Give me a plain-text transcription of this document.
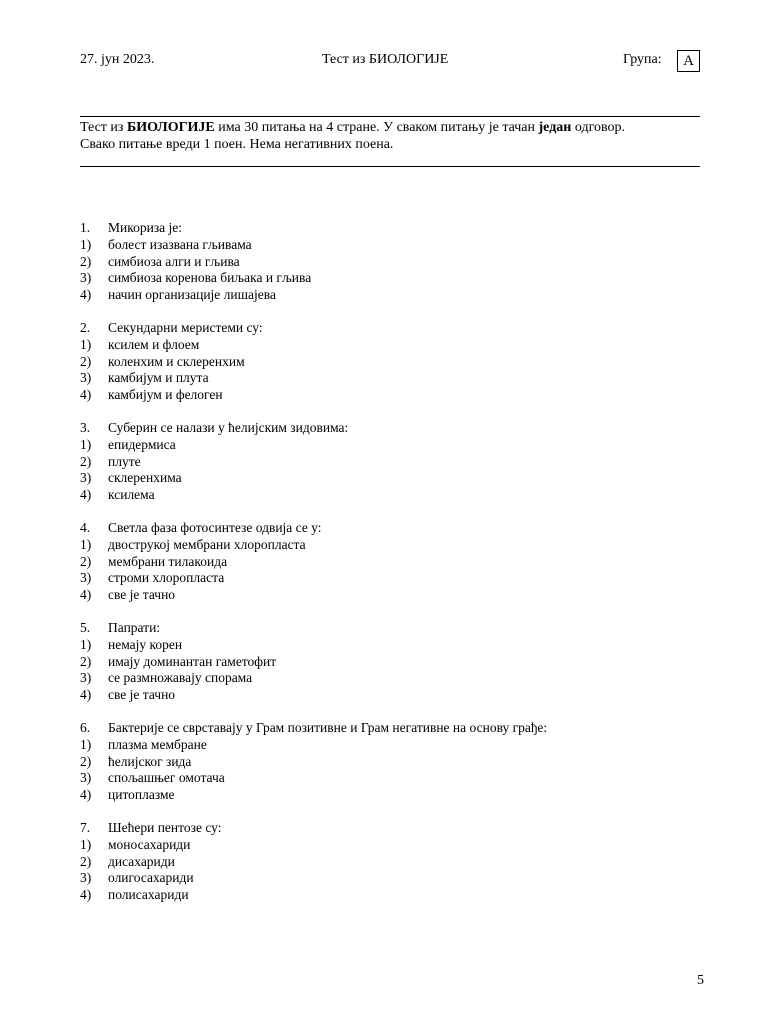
27. јун 2023.	Тест из БИОЛОГИЈЕ	Група:	А
Тест из БИОЛОГИЈЕ има 30 питања на 4 стране. У сваком питању је тачан један одговор.
Свако питање вреди 1 поен. Нема негативних поена.
1.	Микориза је:
1)	болест изазвана гљивама
2)	симбиоза алги и гљива
3)	симбиоза коренова биљака и гљива
4)	начин организације лишајева
2.	Секундарни меристеми су:
1)	ксилем и флоем
2)	коленхим и склеренхим
3)	камбијум и плута
4)	камбијум и фелоген
3.	Суберин се налази у ћелијским зидовима:
1)	епидермиса
2)	плуте
3)	склеренхима
4)	ксилема
4.	Светла фаза фотосинтезе одвија се у:
1)	двострукој мембрани хлоропласта
2)	мембрани тилакоида
3)	строми хлоропласта
4)	све је тачно
5.	Папрати:
1)	немају корен
2)	имају доминантан гаметофит
3)	се размножавају спорама
4)	све је тачно
6.	Бактерије се сврставају у Грам позитивне и Грам негативне на основу грађе:
1)	плазма мембране
2)	ћелијског зида
3)	спољашњег омотача
4)	цитоплазме
7.	Шећери пентозе су:
1)	моносахариди
2)	дисахариди
3)	олигосахариди
4)	полисахариди
5
